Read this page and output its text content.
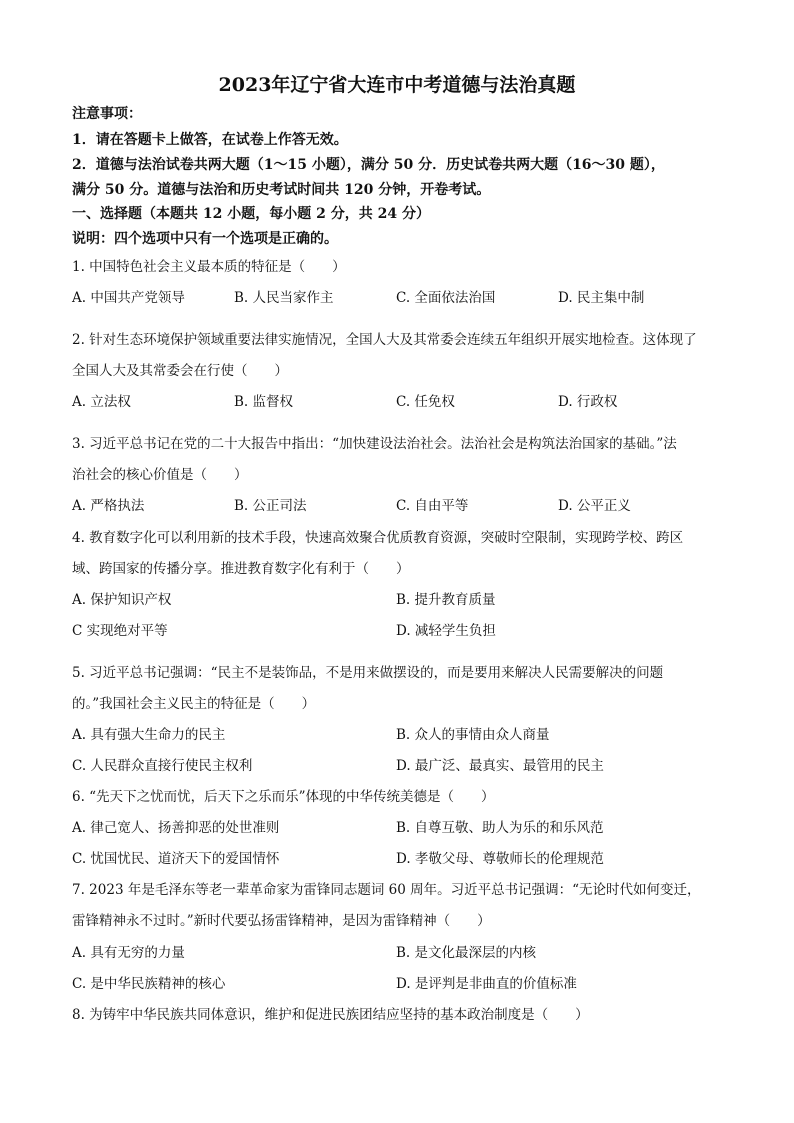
2023年辽宁省大连市中考道德与法治真题
注意事项：
1．请在答题卡上做答，在试卷上作答无效。
2．道德与法治试卷共两大题（1～15 小题），满分 50 分．历史试卷共两大题（16～30 题），
满分 50 分。道德与法治和历史考试时间共 120 分钟，开卷考试。
一、选择题（本题共 12 小题，每小题 2 分，共 24 分）
说明：四个选项中只有一个选项是正确的。
1. 中国特色社会主义最本质的特征是（　　）
A. 中国共产党领导	B. 人民当家作主	C. 全面依法治国	D. 民主集中制
2. 针对生态环境保护领域重要法律实施情况，全国人大及其常委会连续五年组织开展实地检查。这体现了
全国人大及其常委会在行使（　　）
A. 立法权	B. 监督权	C. 任免权	D. 行政权
3. 习近平总书记在党的二十大报告中指出：“加快建设法治社会。法治社会是构筑法治国家的基础。”法
治社会的核心价值是（　　）
A. 严格执法	B. 公正司法	C. 自由平等	D. 公平正义
4. 教育数字化可以利用新的技术手段，快速高效聚合优质教育资源，突破时空限制，实现跨学校、跨区
域、跨国家的传播分享。推进教育数字化有利于（　　）
A. 保护知识产权	B. 提升教育质量
C 实现绝对平等	D. 减轻学生负担
5. 习近平总书记强调：“民主不是装饰品，不是用来做摆设的，而是要用来解决人民需要解决的问题
的。”我国社会主义民主的特征是（　　）
A. 具有强大生命力的民主	B. 众人的事情由众人商量
C. 人民群众直接行使民主权利	D. 最广泛、最真实、最管用的民主
6. “先天下之忧而忧，后天下之乐而乐”体现的中华传统美德是（　　）
A. 律己宽人、扬善抑恶的处世准则	B. 自尊互敬、助人为乐的和乐风范
C. 忧国忧民、道济天下的爱国情怀	D. 孝敬父母、尊敬师长的伦理规范
7. 2023 年是毛泽东等老一辈革命家为雷锋同志题词 60 周年。习近平总书记强调：“无论时代如何变迁，
雷锋精神永不过时。”新时代要弘扬雷锋精神，是因为雷锋精神（　　）
A. 具有无穷的力量	B. 是文化最深层的内核
C. 是中华民族精神的核心	D. 是评判是非曲直的价值标准
8. 为铸牢中华民族共同体意识，维护和促进民族团结应坚持的基本政治制度是（　　）
